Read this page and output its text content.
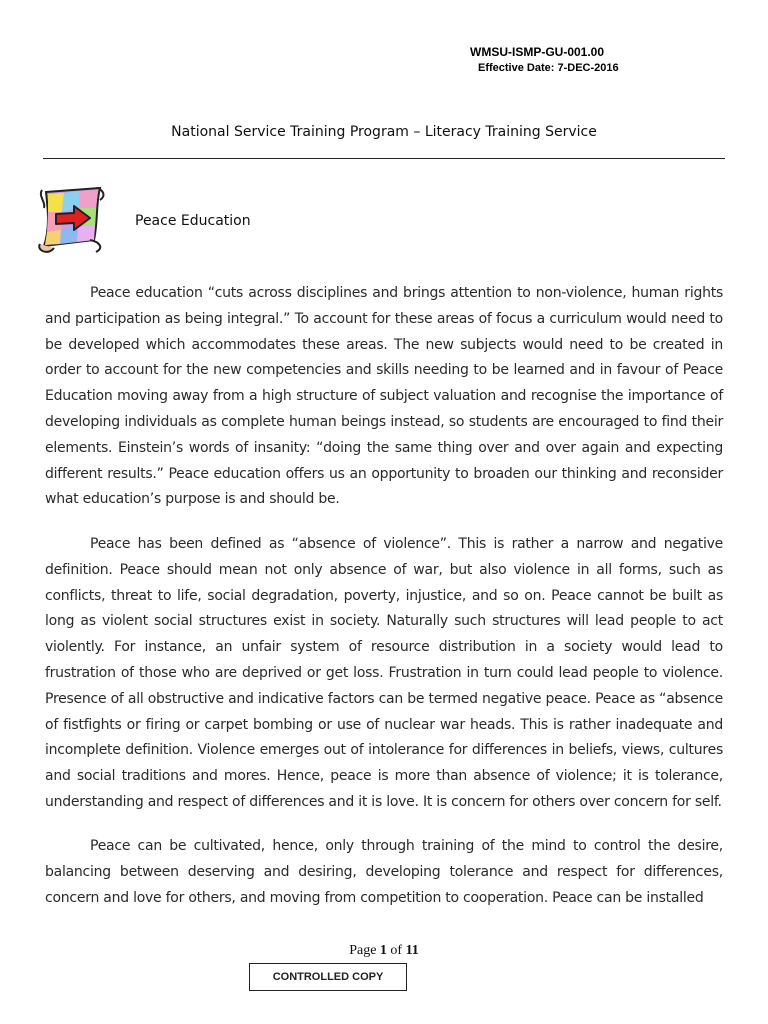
WMSU-ISMP-GU-001.00
Effective Date: 7-DEC-2016
National Service Training Program – Literacy Training Service
Peace Education

Peace education “cuts across disciplines and brings attention to non-violence, human rights and participation as being integral.” To account for these areas of focus a curriculum would need to be developed which accommodates these areas. The new subjects would need to be created in order to account for the new competencies and skills needing to be learned and in favour of Peace Education moving away from a high structure of subject valuation and recognise the importance of developing individuals as complete human beings instead, so students are encouraged to find their elements. Einstein’s words of insanity: “doing the same thing over and over again and expecting different results.” Peace education offers us an opportunity to broaden our thinking and reconsider what education’s purpose is and should be.

Peace has been defined as “absence of violence”. This is rather a narrow and negative definition. Peace should mean not only absence of war, but also violence in all forms, such as conflicts, threat to life, social degradation, poverty, injustice, and so on. Peace cannot be built as long as violent social structures exist in society. Naturally such structures will lead people to act violently. For instance, an unfair system of resource distribution in a society would lead to frustration of those who are deprived or get loss. Frustration in turn could lead people to violence. Presence of all obstructive and indicative factors can be termed negative peace. Peace as “absence of fistfights or firing or carpet bombing or use of nuclear war heads. This is rather inadequate and incomplete definition. Violence emerges out of intolerance for differences in beliefs, views, cultures and social traditions and mores. Hence, peace is more than absence of violence; it is tolerance, understanding and respect of differences and it is love. It is concern for others over concern for self.

Peace can be cultivated, hence, only through training of the mind to control the desire, balancing between deserving and desiring, developing tolerance and respect for differences, concern and love for others, and moving from competition to cooperation. Peace can be installed

Page 1 of 11
CONTROLLED COPY
